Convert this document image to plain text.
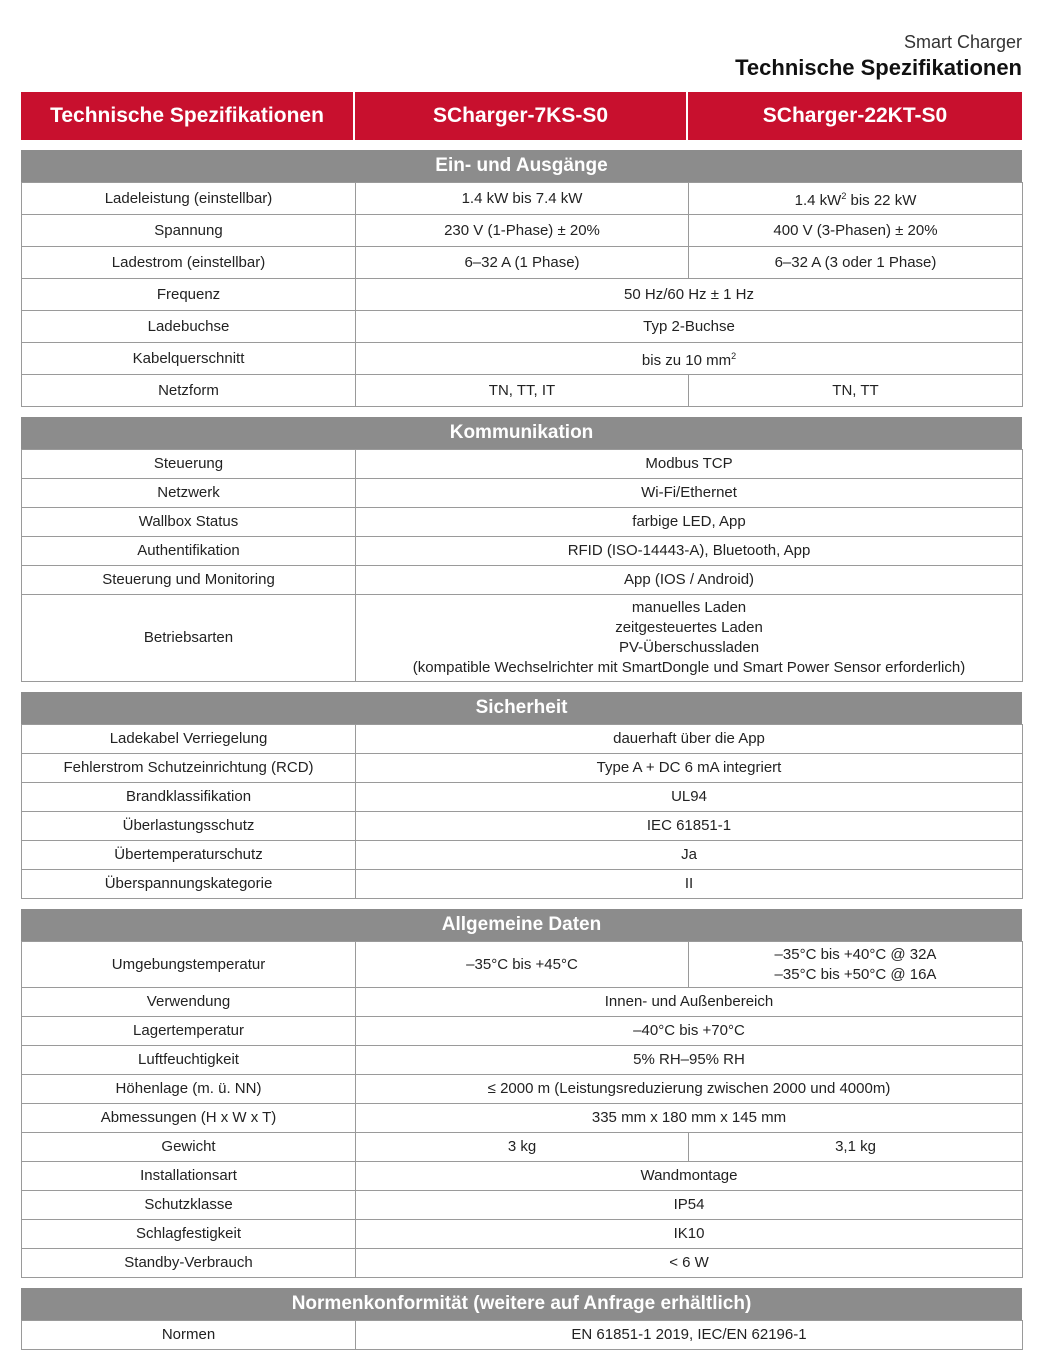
Smart Charger
Technische Spezifikationen
Technische Spezifikationen	SCharger-7KS-S0	SCharger-22KT-S0
Ein- und Ausgänge
Ladeleistung (einstellbar)	1.4 kW bis 7.4 kW	1.4 $kW^2$ bis 22 kW
Spannung	230 V (1-Phase) ± 20%	400 V (3-Phasen) ± 20%
Ladestrom (einstellbar)	6–32 A (1 Phase)	6–32 A (3 oder 1 Phase)
Frequenz	50 Hz/60 Hz ± 1 Hz	
Ladebuchse	Typ 2-Buchse	
Kabelquerschnitt	bis zu 10 $mm^2$
Netzform	TN, TT, IT	TN, TT
Kommunikation
Steuerung	Modbus TCP
Netzwerk	Wi-Fi/Ethernet
Wallbox Status	farbige LED, App
Authentifikation	RFID (ISO-14443-A), Bluetooth, App
Steuerung und Monitoring	App (IOS / Android)
Betriebsarten	manuelles Laden
zeitgesteuertes Laden
PV-Überschussladen
(kompatible Wechselrichter mit SmartDongle und Smart Power Sensor erforderlich)
Sicherheit
Ladekabel Verriegelung	dauerhaft über die App
Fehlerstrom Schutzeinrichtung (RCD)	Type A + DC 6 mA integriert
Brandklassifikation	UL94
Überlastungsschutz	IEC 61851-1
Übertemperaturschutz	Ja
Überspannungskategorie	II
Allgemeine Daten
Umgebungstemperatur	–35°C bis +45°C	–35°C bis +40°C @ 32A
–35°C bis +50°C @ 16A

Verwendung	Innen- und Außenbereich	
Lagertemperatur	–40°C bis +70°C	
Luftfeuchtigkeit	5% RH–95% RH	
Höhenlage (m. ü. NN)	≤ 2000 m (Leistungsreduzierung zwischen 2000 und 4000m)	
Abmessungen (H x W x T)	335 mm x 180 mm x 145 mm	
Gewicht	3 kg	3,1 kg
Installationsart	Wandmontage	
Schutzklasse	IP54	
Schlagfestigkeit	IK10	
Standby-Verbrauch	< 6 W	
Normenkonformität (weitere auf Anfrage erhältlich)
Normen	EN 61851-1 2019, IEC/EN 62196-1
